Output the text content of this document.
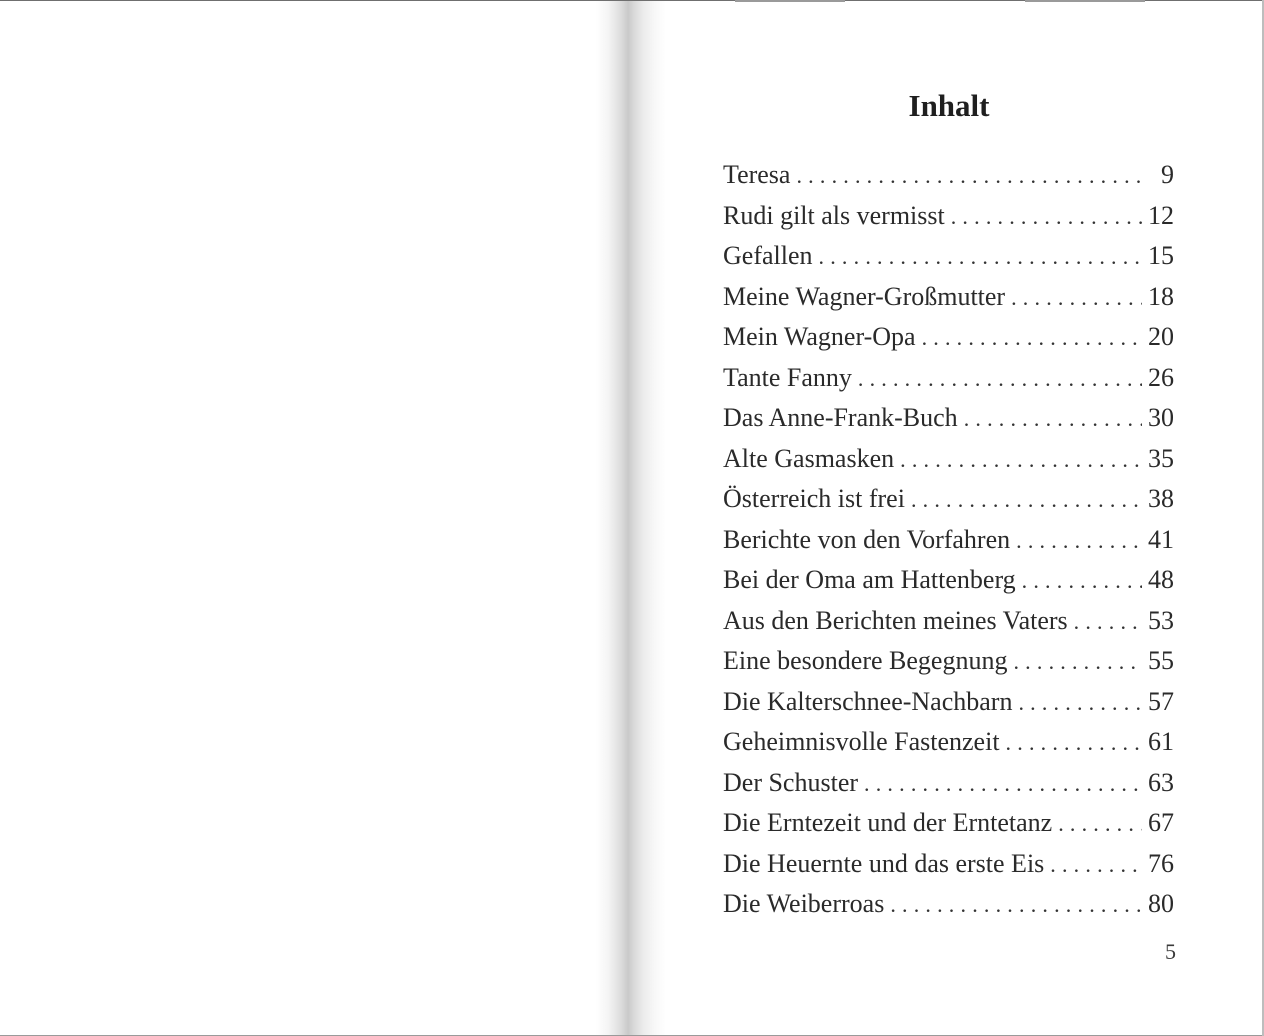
Inhalt
Teresa .....	9
Rudi gilt als vermisst .....	12
Gefallen .....	15
Meine Wagner-Großmutter .....	18
Mein Wagner-Opa .....	20
Tante Fanny .....	26
Das Anne-Frank-Buch .....	30
Alte Gasmasken .....	35
Österreich ist frei .....	38
Berichte von den Vorfahren .....	41
Bei der Oma am Hattenberg .....	48
Aus den Berichten meines Vaters .....	53
Eine besondere Begegnung .....	55
Die Kalterschnee-Nachbarn .....	57
Geheimnisvolle Fastenzeit .....	61
Der Schuster .....	63
Die Erntezeit und der Erntetanz .....	67
Die Heuernte und das erste Eis .....	76
Die Weiberroas .....	80
5
